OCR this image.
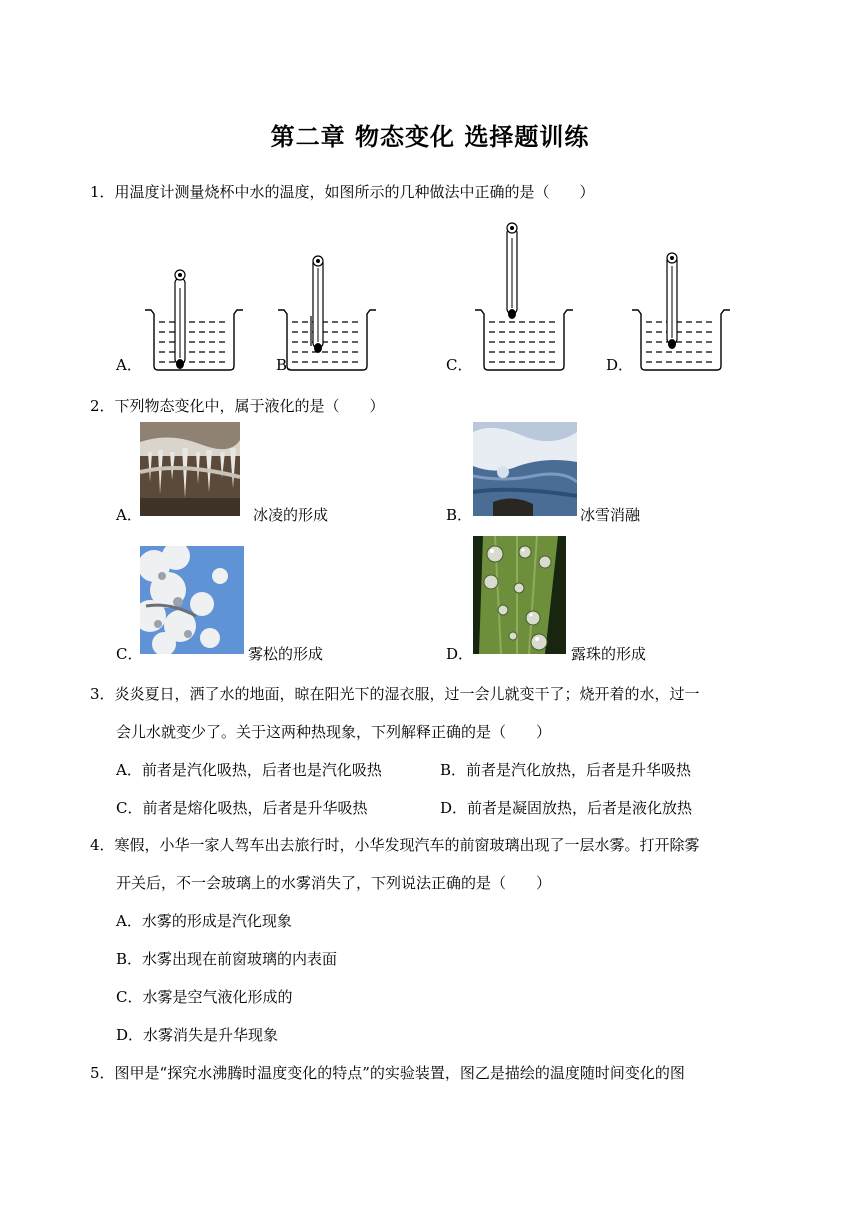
第二章 物态变化 选择题训练
1．用温度计测量烧杯中水的温度，如图所示的几种做法中正确的是（　　）
A．	B．	C．	D．
2．下列物态变化中，属于液化的是（　　）
A．	冰凌的形成	B．	冰雪消融
C．	雾松的形成	D．	露珠的形成
3．炎炎夏日，洒了水的地面，晾在阳光下的湿衣服，过一会儿就变干了；烧开着的水，过一
会儿水就变少了。关于这两种热现象，下列解释正确的是（　　）
A．前者是汽化吸热，后者也是汽化吸热	B．前者是汽化放热，后者是升华吸热
C．前者是熔化吸热，后者是升华吸热	D．前者是凝固放热，后者是液化放热
4．寒假，小华一家人驾车出去旅行时，小华发现汽车的前窗玻璃出现了一层水雾。打开除雾
开关后，不一会玻璃上的水雾消失了，下列说法正确的是（　　）
A．水雾的形成是汽化现象
B．水雾出现在前窗玻璃的内表面
C．水雾是空气液化形成的
D．水雾消失是升华现象
5．图甲是“探究水沸腾时温度变化的特点”的实验装置，图乙是描绘的温度随时间变化的图
